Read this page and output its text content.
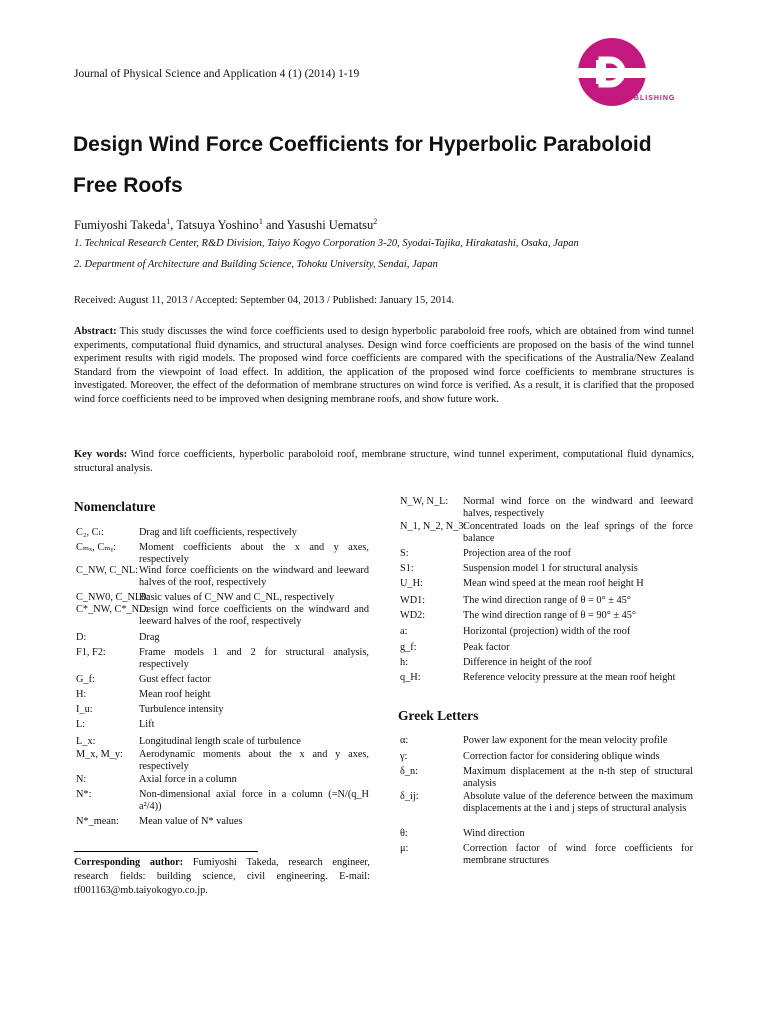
Journal of Physical Science and Application 4 (1) (2014) 1-19
DAVID PUBLISHING
Design Wind Force Coefficients for Hyperbolic Paraboloid Free Roofs
Fumiyoshi Takeda$^1$, Tatsuya Yoshino$^1$ and Yasushi Uematsu$^2$
1. Technical Research Center, R&D Division, Taiyo Kogyo Corporation 3-20, Syodai-Tajika, Hirakatashi, Osaka, Japan
2. Department of Architecture and Building Science, Tohoku University, Sendai, Japan
Received: August 11, 2013 / Accepted: September 04, 2013 / Published: January 15, 2014.
Abstract: This study discusses the wind force coefficients used to design hyperbolic paraboloid free roofs, which are obtained from wind tunnel experiments, computational fluid dynamics, and structural analyses. Design wind force coefficients are proposed on the basis of the wind tunnel experiment results with rigid models. The proposed wind force coefficients are compared with the specifications of the Australia/New Zealand Standard from the viewpoint of load effect. In addition, the application of the proposed wind force coefficients to membrane structures is investigated. Moreover, the effect of the deformation of membrane structures on wind force is verified. As a result, it is clarified that the proposed wind force coefficients need to be improved when designing membrane roofs, and show future work.
Key words: Wind force coefficients, hyperbolic paraboloid roof, membrane structure, wind tunnel experiment, computational fluid dynamics, structural analysis.
Nomenclature
Greek Letters
C₂, Cₗ:	Drag and lift coefficients, respectively
Cₘₓ, Cₘᵧ: Moment coefficients about the x and y axes, respectively
C_NW, C_NL: Wind force coefficients on the windward and leeward halves of the roof, respectively
C_NW0, C_NL0:
Basic values of C_NW and C_NL, respectively
C*_NW, C*_NL:
Design wind force coefficients on the windward and leeward halves of the roof, respectively
D:	Drag
F1, F2:	Frame models 1 and 2 for structural analysis, respectively
G_f:	Gust effect factor
H:	Mean roof height
I_u:	Turbulence intensity
L:	Lift
L_x:	Longitudinal length scale of turbulence
M_x, M_y: Aerodynamic moments about the x and y axes, respectively
N:	Axial force in a column
N*:	Non-dimensional axial force in a column (=N/(q_H a²/4))
N*_mean: Mean value of N* values
N_W, N_L: Normal wind force on the windward and leeward halves, respectively
N_1, N_2, N_3:
Concentrated loads on the leaf springs of the force balance
S:	Projection area of the roof
S1:	Suspension model 1 for structural analysis
U_H:	Mean wind speed at the mean roof height H
WD1:	The wind direction range of θ = 0° ± 45°
WD2:	The wind direction range of θ = 90° ± 45°
a:	Horizontal (projection) width of the roof
g_f:	Peak factor
h:	Difference in height of the roof
q_H:	Reference velocity pressure at the mean roof height
α:	Power law exponent for the mean velocity profile
γ:	Correction factor for considering oblique winds
δ_n:	Maximum displacement at the n-th step of structural analysis
δ_ij:	Absolute value of the deference between the maximum displacements at the i and j steps of structural analysis
θ:	Wind direction
μ:	Correction factor of wind force coefficients for membrane structures
Corresponding author: Fumiyoshi Takeda, research engineer, research fields: building science, civil engineering. E-mail: tf001163@mb.taiyokogyo.co.jp.
